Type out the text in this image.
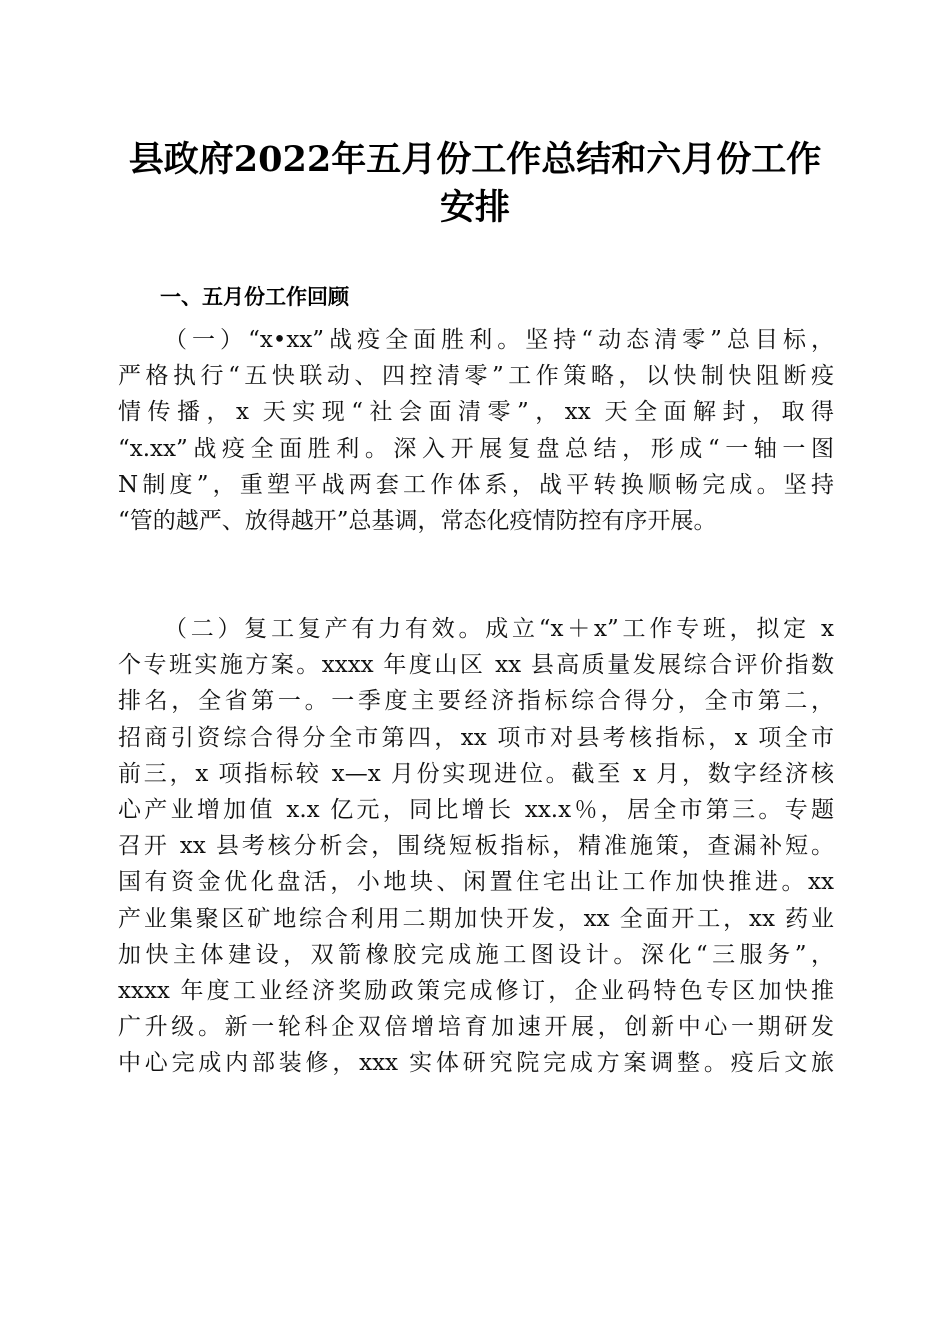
县政府2022年五月份工作总结和六月份工作
安排
一、五月份工作回顾
（一）“x•xx”战疫全面胜利。坚持“动态清零”总目标，
严格执行“五快联动、四控清零”工作策略，以快制快阻断疫
情传播，x 天实现“社会面清零”，xx 天全面解封，取得
“x.xx”战疫全面胜利。深入开展复盘总结，形成“一轴一图
N制度”，重塑平战两套工作体系，战平转换顺畅完成。坚持
“管的越严、放得越开”总基调，常态化疫情防控有序开展。
（二）复工复产有力有效。成立“x＋x”工作专班，拟定 x
个专班实施方案。xxxx 年度山区 xx 县高质量发展综合评价指数
排名，全省第一。一季度主要经济指标综合得分，全市第二，
招商引资综合得分全市第四，xx 项市对县考核指标，x 项全市
前三，x 项指标较 x—x 月份实现进位。截至 x 月，数字经济核
心产业增加值 x.x 亿元，同比增长 xx.x％，居全市第三。专题
召开 xx 县考核分析会，围绕短板指标，精准施策，查漏补短。
国有资金优化盘活，小地块、闲置住宅出让工作加快推进。xx
产业集聚区矿地综合利用二期加快开发，xx 全面开工，xx 药业
加快主体建设，双箭橡胶完成施工图设计。深化“三服务”，
xxxx 年度工业经济奖励政策完成修订，企业码特色专区加快推
广升级。新一轮科企双倍增培育加速开展，创新中心一期研发
中心完成内部装修，xxx 实体研究院完成方案调整。疫后文旅
